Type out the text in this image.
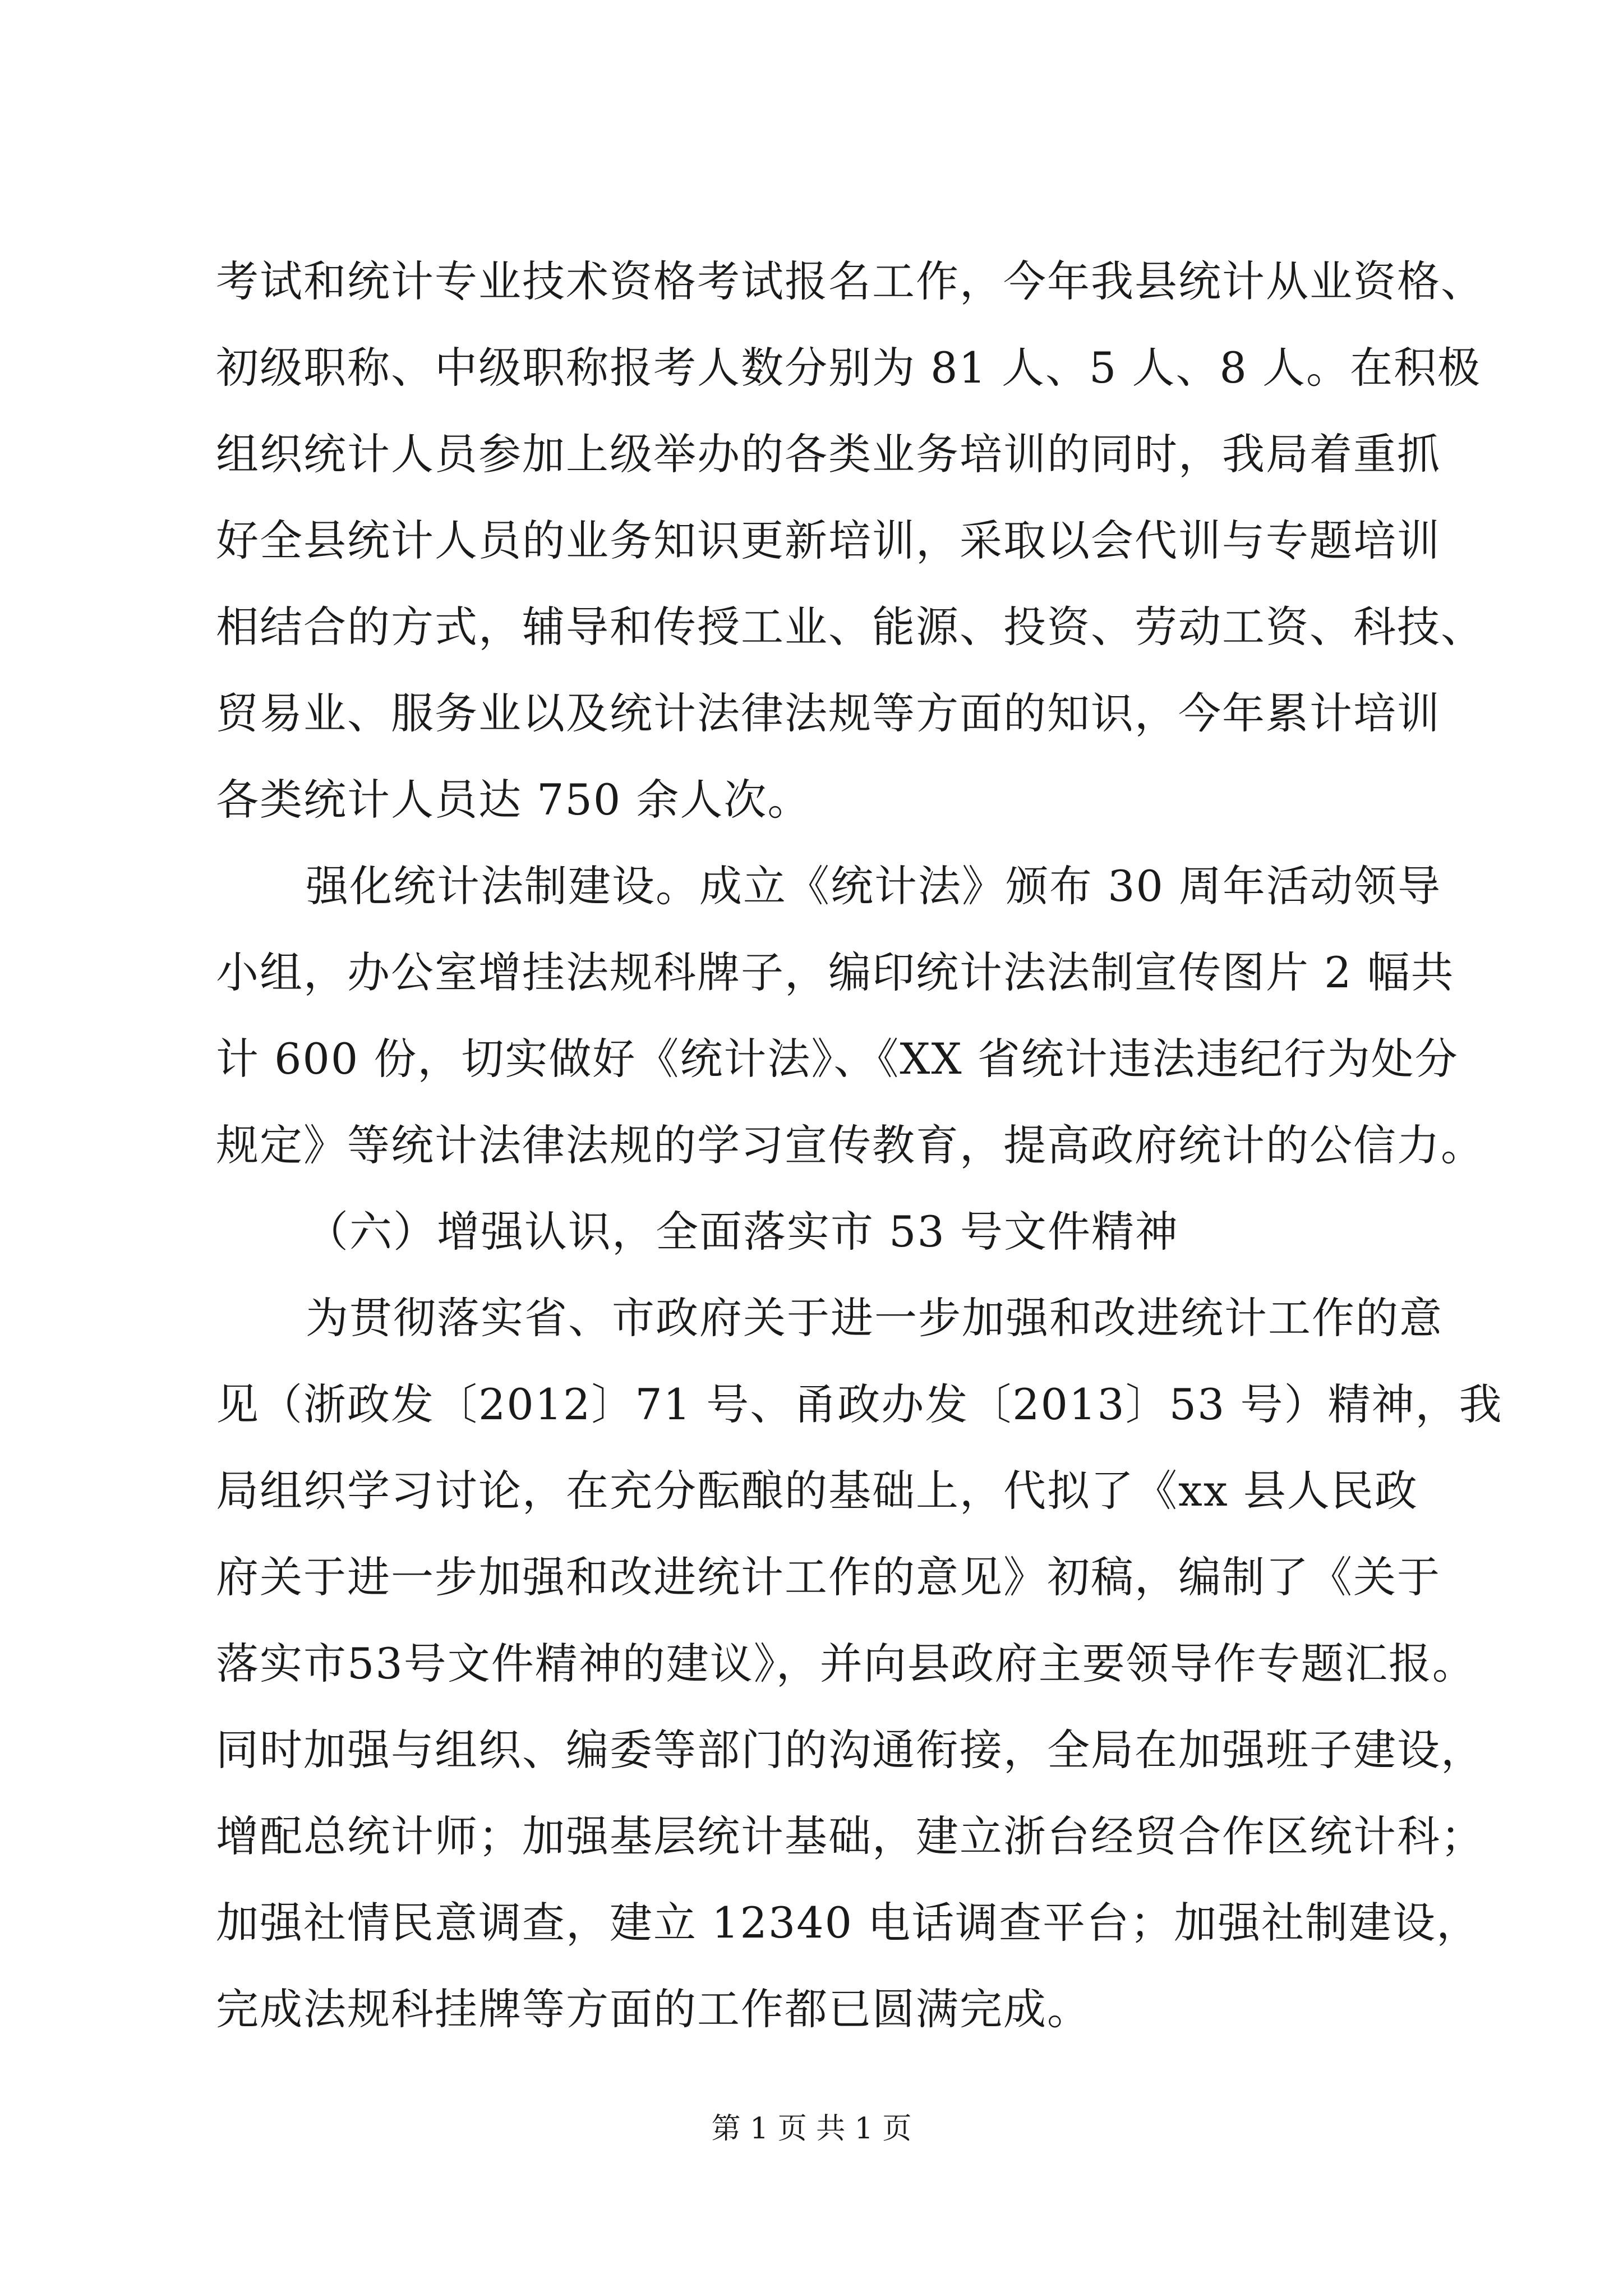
考试和统计专业技术资格考试报名工作，今年我县统计从业资格、
初级职称、中级职称报考人数分别为 81 人、5 人、8 人。在积极
组织统计人员参加上级举办的各类业务培训的同时，我局着重抓
好全县统计人员的业务知识更新培训，采取以会代训与专题培训
相结合的方式，辅导和传授工业、能源、投资、劳动工资、科技、
贸易业、服务业以及统计法律法规等方面的知识，今年累计培训
各类统计人员达 750 余人次。
强化统计法制建设。成立《统计法》颁布 30 周年活动领导
小组，办公室增挂法规科牌子，编印统计法法制宣传图片 2 幅共
计 600 份，切实做好《统计法》、《XX 省统计违法违纪行为处分
规定》等统计法律法规的学习宣传教育，提高政府统计的公信力。
（六）增强认识，全面落实市 53 号文件精神
为贯彻落实省、市政府关于进一步加强和改进统计工作的意
见（浙政发〔2012〕71 号、甬政办发〔2013〕53 号）精神，我
局组织学习讨论，在充分酝酿的基础上，代拟了《xx 县人民政
府关于进一步加强和改进统计工作的意见》初稿，编制了《关于
落实市53号文件精神的建议》，并向县政府主要领导作专题汇报。
同时加强与组织、编委等部门的沟通衔接，全局在加强班子建设，
增配总统计师；加强基层统计基础，建立浙台经贸合作区统计科；
加强社情民意调查，建立 12340 电话调查平台；加强社制建设，
完成法规科挂牌等方面的工作都已圆满完成。
第 1 页 共 1 页
